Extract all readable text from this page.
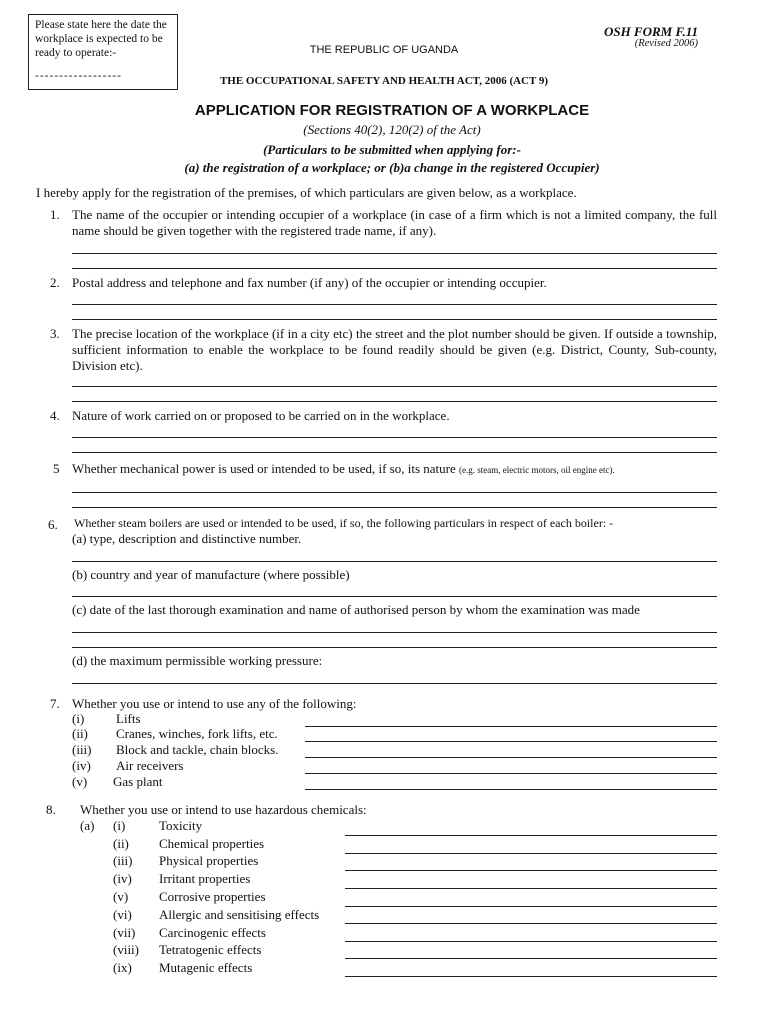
Please state here the date the workplace is expected to be ready to operate:-
------------------
THE REPUBLIC OF UGANDA
OSH FORM F.11
(Revised 2006)
THE OCCUPATIONAL SAFETY AND HEALTH ACT, 2006 (ACT 9)
APPLICATION FOR REGISTRATION OF A WORKPLACE
(Sections 40(2), 120(2) of the Act)
(Particulars to be submitted when applying for:-
(a) the registration of a workplace; or (b)a change in the registered Occupier)
I hereby apply for the registration of the premises, of which particulars are given below, as a workplace.
1. The name of the occupier or intending occupier of a workplace (in case of a firm which is not a limited company, the full name should be given together with the registered trade name, if any).
2. Postal address and telephone and fax number (if any) of the occupier or intending occupier.
3. The precise location of the workplace (if in a city etc) the street and the plot number should be given. If outside a township, sufficient information to enable the workplace to be found readily should be given (e.g. District, County, Sub-county, Division etc).
4. Nature of work carried on or proposed to be carried on in the workplace.
5 Whether mechanical power is used or intended to be used, if so, its nature (e.g. steam, electric motors, oil engine etc).
6. Whether steam boilers are used or intended to be used, if so, the following particulars in respect of each boiler: -
(a) type, description and distinctive number.
(b) country and year of manufacture (where possible)
(c) date of the last thorough examination and name of authorised person by whom the examination was made
(d) the maximum permissible working pressure:
7. Whether you use or intend to use any of the following:
(i) Lifts
(ii) Cranes, winches, fork lifts, etc.
(iii) Block and tackle, chain blocks.
(iv) Air receivers
(v) Gas plant
8. Whether you use or intend to use hazardous chemicals:
(a) (i)	Toxicity
(ii) Chemical properties
(iii) Physical properties
(iv) Irritant properties
(v) Corrosive properties
(vi) Allergic and sensitising effects
(vii) Carcinogenic effects
(viii) Tetratogenic effects
(ix) Mutagenic effects
